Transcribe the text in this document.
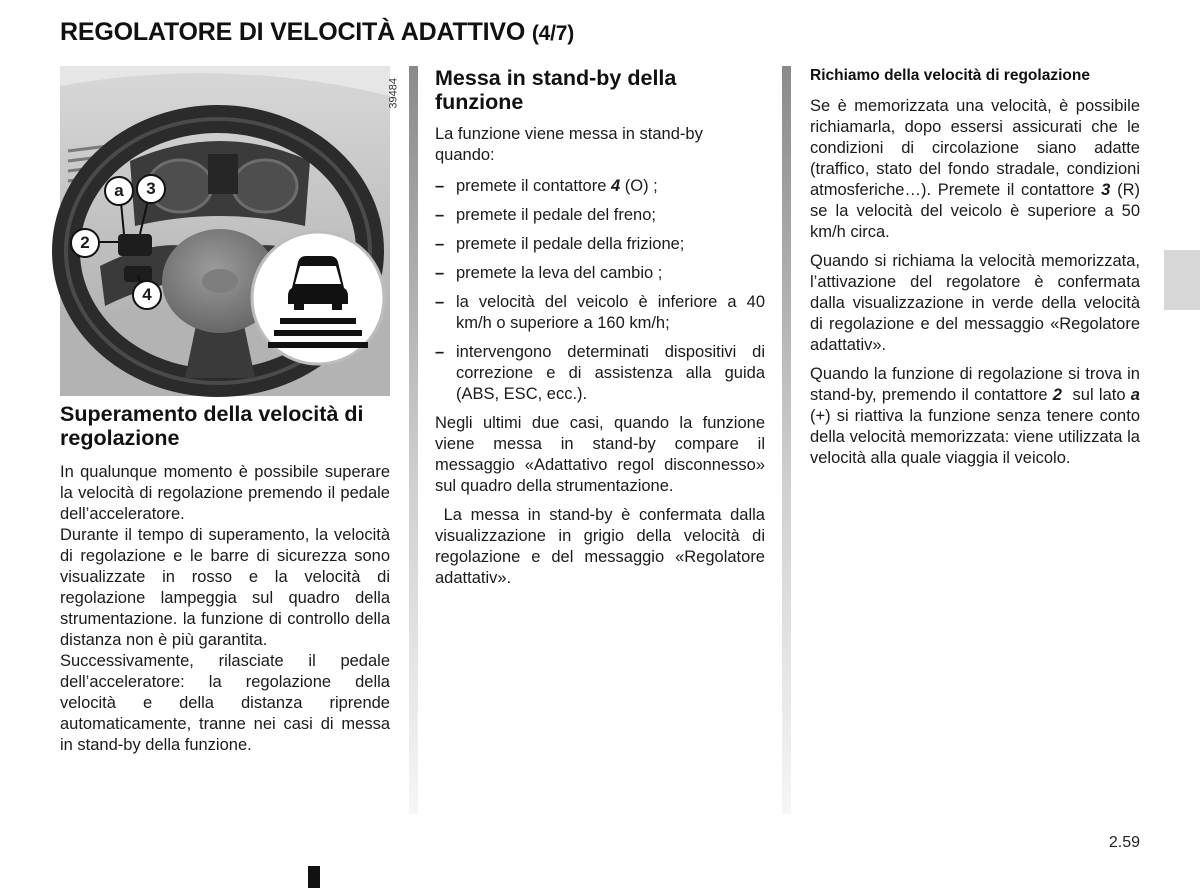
REGOLATORE DI VELOCITÀ ADATTIVO (4/7)
a	3
2
4
39484
Superamento della velocità di regolazione

In qualunque momento è possibile superare la velocità di regolazione premendo il pedale dell’acceleratore.

Durante il tempo di superamento, la velocità di regolazione e le barre di sicurezza sono visualizzate in rosso e la velocità di regolazione lampeggia sul quadro della strumentazione. la funzione di controllo della distanza non è più garantita.

Successivamente, rilasciate il pedale dell’acceleratore: la regolazione della velocità e della distanza riprende automaticamente, tranne nei casi di messa in stand-by della funzione.

Messa in stand-by della funzione

La funzione viene messa in stand-by quando:

– premete il contattore 4 (O) ;
– premete il pedale del freno;
– premete il pedale della frizione;
– premete la leva del cambio ;
– la velocità del veicolo è inferiore a 40 km/h o superiore a 160 km/h;
– intervengono determinati dispositivi di correzione e di assistenza alla guida (ABS, ESC, ecc.).

Negli ultimi due casi, quando la funzione viene messa in stand-by compare il messaggio «Adattativo regol disconnesso» sul quadro della strumentazione.

La messa in stand-by è confermata dalla visualizzazione in grigio della velocità di regolazione e del messaggio «Regolatore adattativ».

Richiamo della velocità di regolazione

Se è memorizzata una velocità, è possibile richiamarla, dopo essersi assicurati che le condizioni di circolazione siano adatte (traffico, stato del fondo stradale, condizioni atmosferiche…). Premete il contattore 3 (R) se la velocità del veicolo è superiore a 50 km/h circa.

Quando si richiama la velocità memorizzata, l’attivazione del regolatore è confermata dalla visualizzazione in verde della velocità di regolazione e del messaggio «Regolatore adattativ».

Quando la funzione di regolazione si trova in stand-by, premendo il contattore 2  sul lato a (+) si riattiva la funzione senza tenere conto della velocità memorizzata: viene utilizzata la velocità alla quale viaggia il veicolo.

2.59
